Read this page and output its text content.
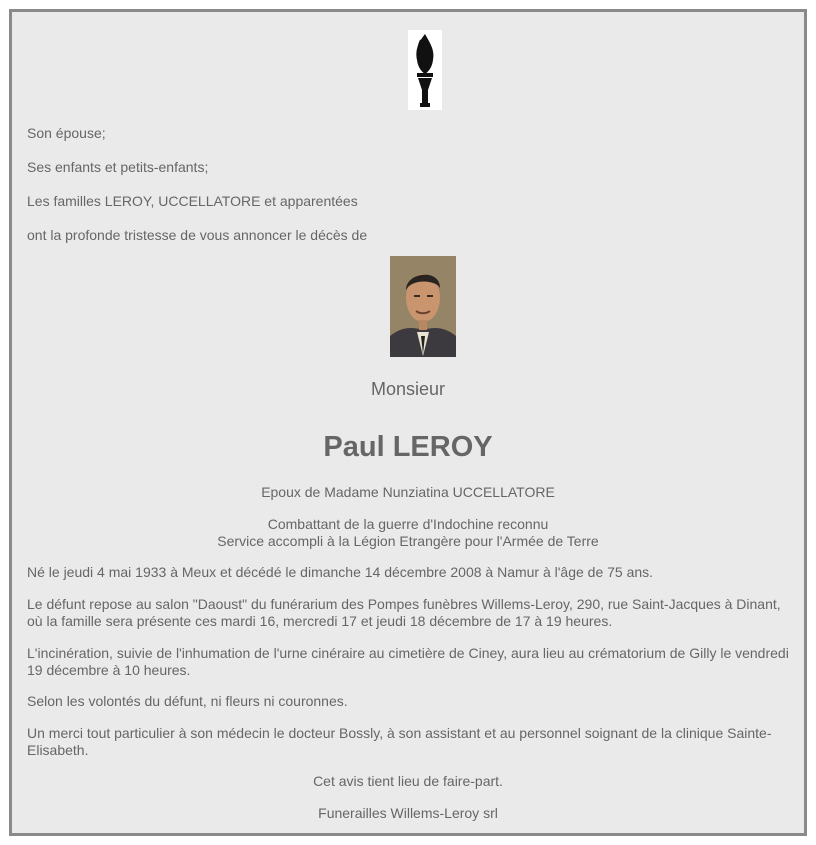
Son épouse;

Ses enfants et petits-enfants;

Les familles LEROY, UCCELLATORE et apparentées

ont la profonde tristesse de vous annoncer le décès de

Monsieur

Paul LEROY

Epoux de Madame Nunziatina UCCELLATORE

Combattant de la guerre d'Indochine reconnu

Service accompli à la Légion Etrangère pour l'Armée de Terre

Né le jeudi 4 mai 1933 à Meux et décédé le dimanche 14 décembre 2008 à Namur à l'âge de 75 ans.

Le défunt repose au salon "Daoust" du funérarium des Pompes funèbres Willems-Leroy, 290, rue Saint-Jacques à Dinant, où la famille sera présente ces mardi 16, mercredi 17 et jeudi 18 décembre de 17 à 19 heures.

L'incinération, suivie de l'inhumation de l'urne cinéraire au cimetière de Ciney, aura lieu au crématorium de Gilly le vendredi 19 décembre à 10 heures.

Selon les volontés du défunt, ni fleurs ni couronnes.

Un merci tout particulier à son médecin le docteur Bossly, à son assistant et au personnel soignant de la clinique Sainte-Elisabeth.

Cet avis tient lieu de faire-part.

Funerailles Willems-Leroy srl
